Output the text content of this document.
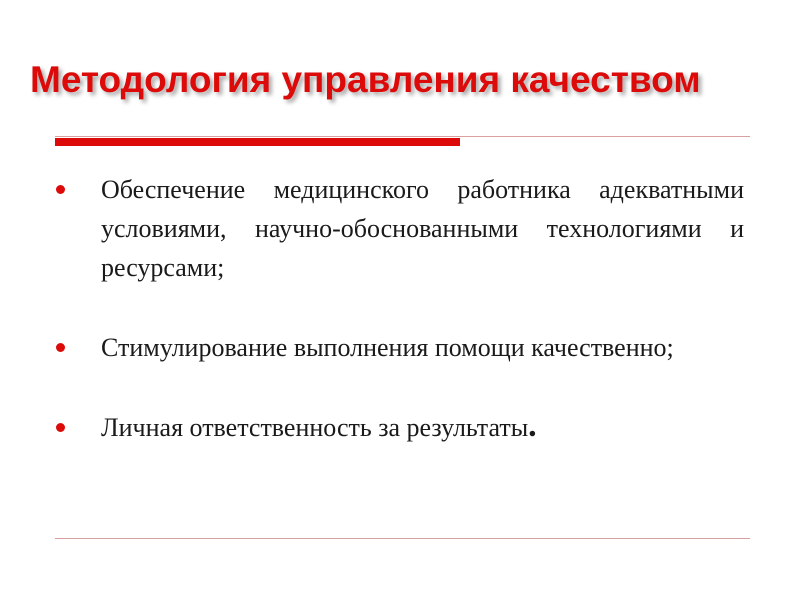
Методология управления качеством
Обеспечение медицинского работника адекватными условиями, научно-обоснованными технологиями и ресурсами;
Стимулирование выполнения помощи качественно;
Личная ответственность за результаты.
